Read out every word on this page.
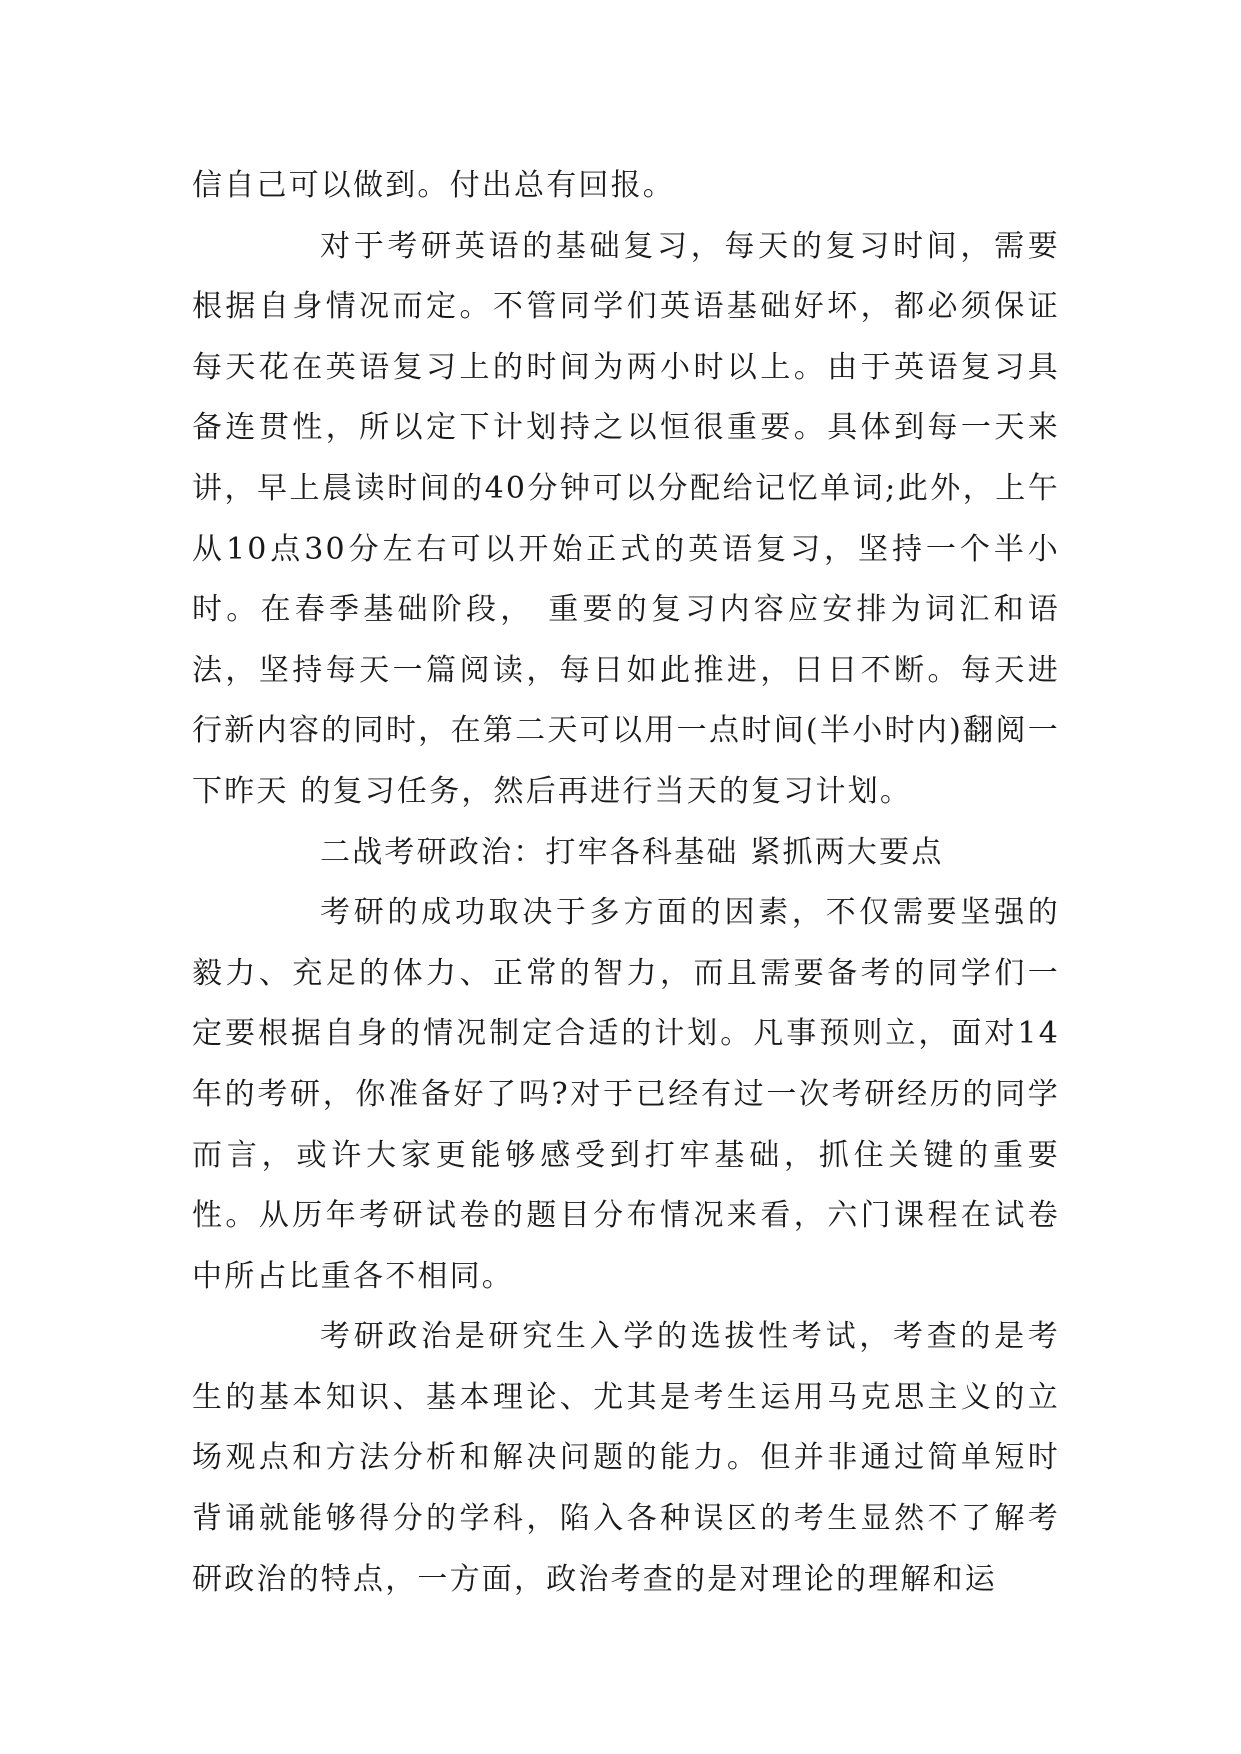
信自己可以做到。付出总有回报。

对于考研英语的基础复习，每天的复习时间，需要根据自身情况而定。不管同学们英语基础好坏，都必须保证每天花在英语复习上的时间为两小时以上。由于英语复习具备连贯性，所以定下计划持之以恒很重要。具体到每一天来讲，早上晨读时间的40分钟可以分配给记忆单词;此外，上午从10点30分左右可以开始正式的英语复习，坚持一个半小时。在春季基础阶段， 重要的复习内容应安排为词汇和语法，坚持每天一篇阅读，每日如此推进，日日不断。每天进行新内容的同时，在第二天可以用一点时间(半小时内)翻阅一下昨天 的复习任务，然后再进行当天的复习计划。

二战考研政治：打牢各科基础 紧抓两大要点

考研的成功取决于多方面的因素，不仅需要坚强的毅力、充足的体力、正常的智力，而且需要备考的同学们一定要根据自身的情况制定合适的计划。凡事预则立，面对14年的考研，你准备好了吗?对于已经有过一次考研经历的同学而言，或许大家更能够感受到打牢基础，抓住关键的重要性。从历年考研试卷的题目分布情况来看，六门课程在试卷中所占比重各不相同。

考研政治是研究生入学的选拔性考试，考查的是考生的基本知识、基本理论、尤其是考生运用马克思主义的立场观点和方法分析和解决问题的能力。但并非通过简单短时背诵就能够得分的学科，陷入各种误区的考生显然不了解考研政治的特点，一方面，政治考查的是对理论的理解和运
